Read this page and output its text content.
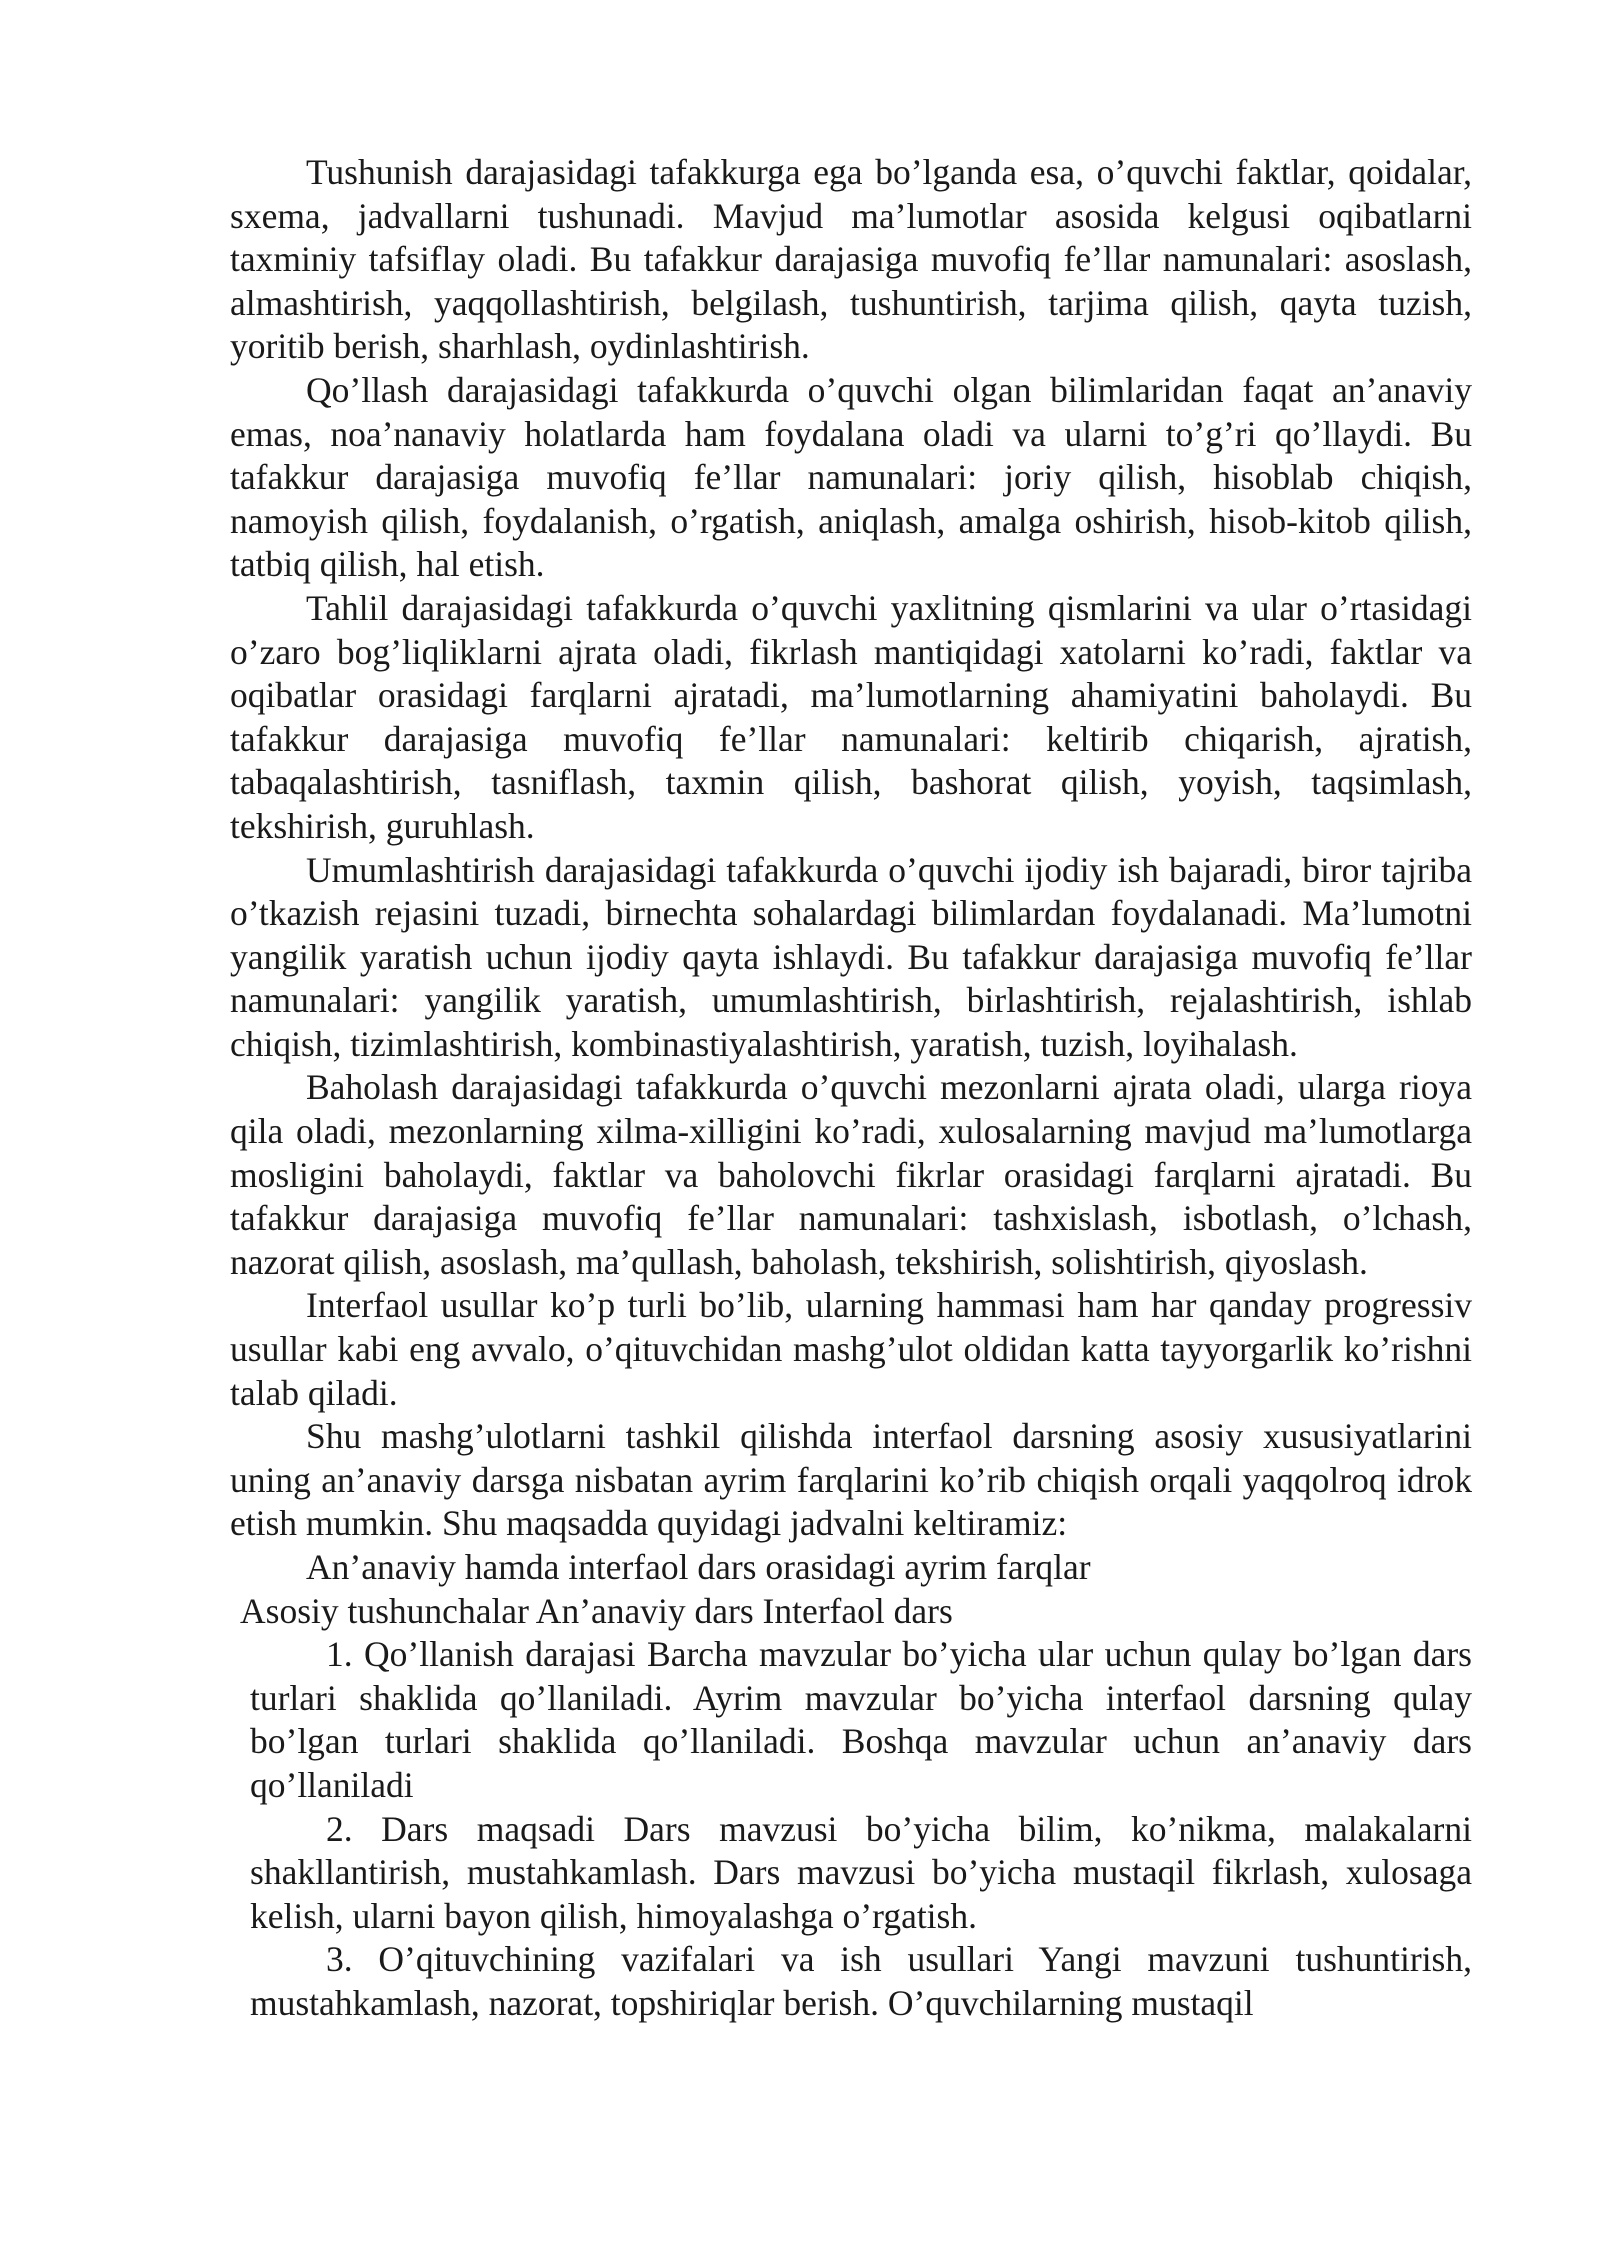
Tushunish darajasidagi tafakkurga ega bo’lganda esa, o’quvchi faktlar, qoidalar, sxema, jadvallarni tushunadi. Mavjud ma’lumotlar asosida kelgusi oqibatlarni taxminiy tafsiflay oladi. Bu tafakkur darajasiga muvofiq fe’llar namunalari: asoslash, almashtirish, yaqqollashtirish, belgilash, tushuntirish, tarjima qilish, qayta tuzish, yoritib berish, sharhlash, oydinlashtirish.

Qo’llash darajasidagi tafakkurda o’quvchi olgan bilimlaridan faqat an’anaviy emas, noa’nanaviy holatlarda ham foydalana oladi va ularni to’g’ri qo’llaydi. Bu tafakkur darajasiga muvofiq fe’llar namunalari: joriy qilish, hisoblab chiqish, namoyish qilish, foydalanish, o’rgatish, aniqlash, amalga oshirish, hisob-kitob qilish, tatbiq qilish, hal etish.

Tahlil darajasidagi tafakkurda o’quvchi yaxlitning qismlarini va ular o’rtasidagi o’zaro bog’liqliklarni ajrata oladi, fikrlash mantiqidagi xatolarni ko’radi, faktlar va oqibatlar orasidagi farqlarni ajratadi, ma’lumotlarning ahamiyatini baholaydi. Bu tafakkur darajasiga muvofiq fe’llar namunalari: keltirib chiqarish, ajratish, tabaqalashtirish, tasniflash, taxmin qilish, bashorat qilish, yoyish, taqsimlash, tekshirish, guruhlash.

Umumlashtirish darajasidagi tafakkurda o’quvchi ijodiy ish bajaradi, biror tajriba o’tkazish rejasini tuzadi, birnechta sohalardagi bilimlardan foydalanadi. Ma’lumotni yangilik yaratish uchun ijodiy qayta ishlaydi. Bu tafakkur darajasiga muvofiq fe’llar namunalari: yangilik yaratish, umumlashtirish, birlashtirish, rejalashtirish, ishlab chiqish, tizimlashtirish, kombinastiyalashtirish, yaratish, tuzish, loyihalash.

Baholash darajasidagi tafakkurda o’quvchi mezonlarni ajrata oladi, ularga rioya qila oladi, mezonlarning xilma-xilligini ko’radi, xulosalarning mavjud ma’lumotlarga mosligini baholaydi, faktlar va baholovchi fikrlar orasidagi farqlarni ajratadi. Bu tafakkur darajasiga muvofiq fe’llar namunalari: tashxislash, isbotlash, o’lchash, nazorat qilish, asoslash, ma’qullash, baholash, tekshirish, solishtirish, qiyoslash.

Interfaol usullar ko’p turli bo’lib, ularning hammasi ham har qanday progressiv usullar kabi eng avvalo, o’qituvchidan mashg’ulot oldidan katta tayyorgarlik ko’rishni talab qiladi.

Shu mashg’ulotlarni tashkil qilishda interfaol darsning asosiy xususiyatlarini uning an’anaviy darsga nisbatan ayrim farqlarini ko’rib chiqish orqali yaqqolroq idrok etish mumkin. Shu maqsadda quyidagi jadvalni keltiramiz:

An’anaviy hamda interfaol dars orasidagi ayrim farqlar

Asosiy tushunchalar An’anaviy dars Interfaol dars

1. Qo’llanish darajasi Barcha mavzular bo’yicha ular uchun qulay bo’lgan dars turlari shaklida qo’llaniladi. Ayrim mavzular bo’yicha interfaol darsning qulay bo’lgan turlari shaklida qo’llaniladi. Boshqa mavzular uchun an’anaviy dars qo’llaniladi

2. Dars maqsadi Dars mavzusi bo’yicha bilim, ko’nikma, malakalarni shakllantirish, mustahkamlash. Dars mavzusi bo’yicha mustaqil fikrlash, xulosaga kelish, ularni bayon qilish, himoyalashga o’rgatish.

3. O’qituvchining vazifalari va ish usullari Yangi mavzuni tushuntirish, mustahkamlash, nazorat, topshiriqlar berish. O’quvchilarning mustaqil
